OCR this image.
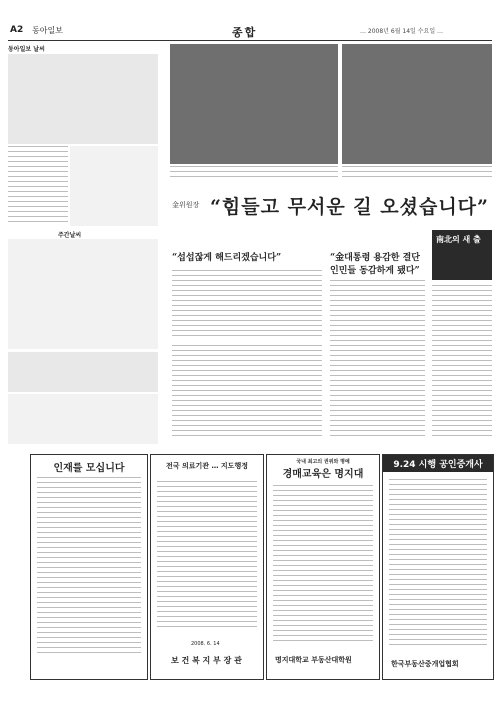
A2 동아일보	종합	… 2008년 6월 14일 수요일 …
동아일보 날씨
주간날씨
金위원장 “힘들고 무서운 길 오셨습니다”
“섭섭잖게 해드리겠습니다”	“金대통령 용감한 결단 인민들 동감하게 됐다”
南北의 새 출
인재를 모십니다	전국 의료기관 … 지도행정
2008. 6. 14
보 건 복 지 부 장 관
국내 최고의 권위와 명예
경매교육은 명지대
명지대학교 부동산대학원
9.24 시행 공인중개사
한국부동산중개업협회
